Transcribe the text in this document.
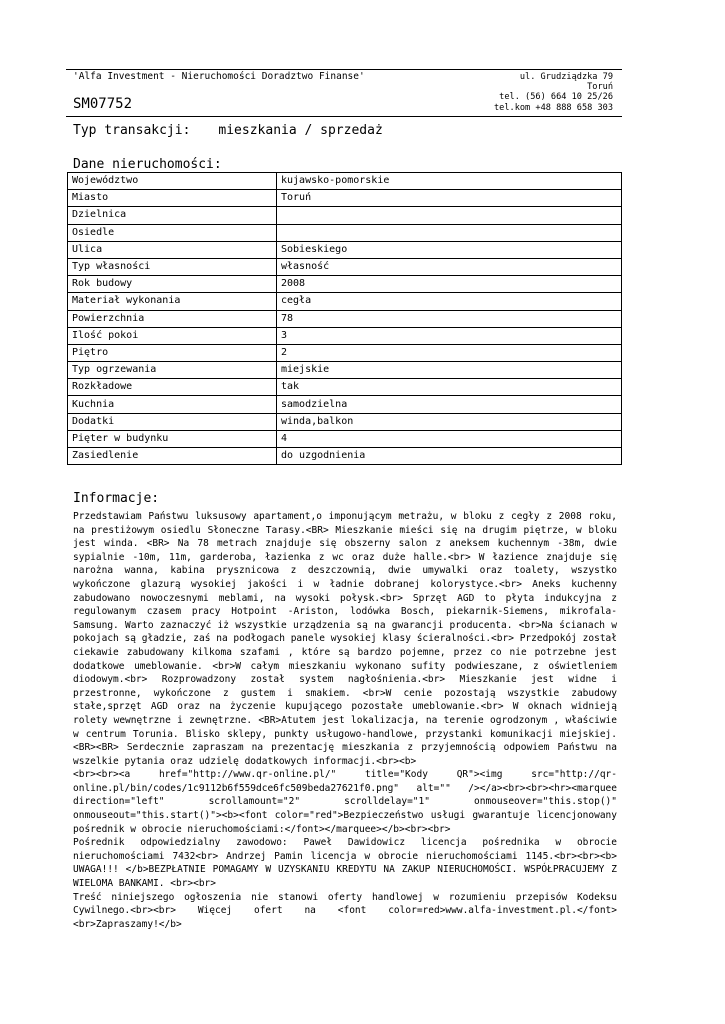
'Alfa Investment - Nieruchomości Doradztwo Finanse'
SM07752
ul. Grudziądzka 79
Toruń
tel. (56) 664 10 25/26
tel.kom +48 888 658 303
Typ transakcji: mieszkania / sprzedaż
Dane nieruchomości:
Województwo	kujawsko-pomorskie
Miasto	Toruń
Dzielnica	
Osiedle	
Ulica	Sobieskiego
Typ własności	własność
Rok budowy	2008
Materiał wykonania	cegła
Powierzchnia	78
Ilość pokoi	3
Piętro	2
Typ ogrzewania	miejskie
Rozkładowe	tak
Kuchnia	samodzielna
Dodatki	winda,balkon
Pięter w budynku	4
Zasiedlenie	do uzgodnienia
Informacje:

Przedstawiam Państwu luksusowy apartament,o imponującym metrażu, w bloku z cegły z 2008 roku, na prestiżowym osiedlu Słoneczne Tarasy.<BR> Mieszkanie mieści się na drugim piętrze, w bloku jest winda. <BR> Na 78 metrach znajduje się obszerny salon z aneksem kuchennym -38m, dwie sypialnie -10m, 11m, garderoba, łazienka z wc oraz duże halle.<br> W łazience znajduje się narożna wanna, kabina prysznicowa z deszczownią, dwie umywalki oraz toalety, wszystko wykończone glazurą wysokiej jakości i w ładnie dobranej kolorystyce.<br> Aneks kuchenny zabudowano nowoczesnymi meblami, na wysoki połysk.<br> Sprzęt AGD to płyta indukcyjna z regulowanym czasem pracy Hotpoint -Ariston, lodówka Bosch, piekarnik-Siemens, mikrofala-Samsung. Warto zaznaczyć iż wszystkie urządzenia są na gwarancji producenta. <br>Na ścianach w pokojach są gładzie, zaś na podłogach panele wysokiej klasy ścieralności.<br> Przedpokój został ciekawie zabudowany kilkoma szafami , które są bardzo pojemne, przez co nie potrzebne jest dodatkowe umeblowanie. <br>W całym mieszkaniu wykonano sufity podwieszane, z oświetleniem diodowym.<br> Rozprowadzony został system nagłośnienia.<br> Mieszkanie jest widne i przestronne, wykończone z gustem i smakiem. <br>W cenie pozostają wszystkie zabudowy stałe,sprzęt AGD oraz na życzenie kupującego pozostałe umeblowanie.<br> W oknach widnieją rolety wewnętrzne i zewnętrzne. <BR>Atutem jest lokalizacja, na terenie ogrodzonym , właściwie w centrum Torunia. Blisko sklepy, punkty usługowo-handlowe, przystanki komunikacji miejskiej.<BR><BR> Serdecznie zapraszam na prezentację mieszkania z przyjemnością odpowiem Państwu na wszelkie pytania oraz udzielę dodatkowych informacji.<br><b>

<br><br><a href="http://www.qr-online.pl/" title="Kody QR"><img src="http://qr-online.pl/bin/codes/1c9112b6f559dce6fc509beda27621f0.png" alt="" /></a><br><br><hr><marquee direction="left" scrollamount="2" scrolldelay="1" onmouseover="this.stop()" onmouseout="this.start()"><b><font color="red">Bezpieczeństwo usługi gwarantuje licencjonowany pośrednik w obrocie nieruchomościami:</font></marquee></b><br><br>

Pośrednik odpowiedzialny zawodowo: Paweł Dawidowicz licencja pośrednika w obrocie nieruchomościami 7432<br> Andrzej Pamin licencja w obrocie nieruchomościami 1145.<br><br><b> UWAGA!!! </b>BEZPŁATNIE POMAGAMY W UZYSKANIU KREDYTU NA ZAKUP NIERUCHOMOŚCI. WSPÓŁPRACUJEMY Z WIELOMA BANKAMI. <br><br>

Treść niniejszego ogłoszenia nie stanowi oferty handlowej w rozumieniu przepisów Kodeksu Cywilnego.<br><br> Więcej ofert na <font color=red>www.alfa-investment.pl.</font><br>Zapraszamy!</b>
